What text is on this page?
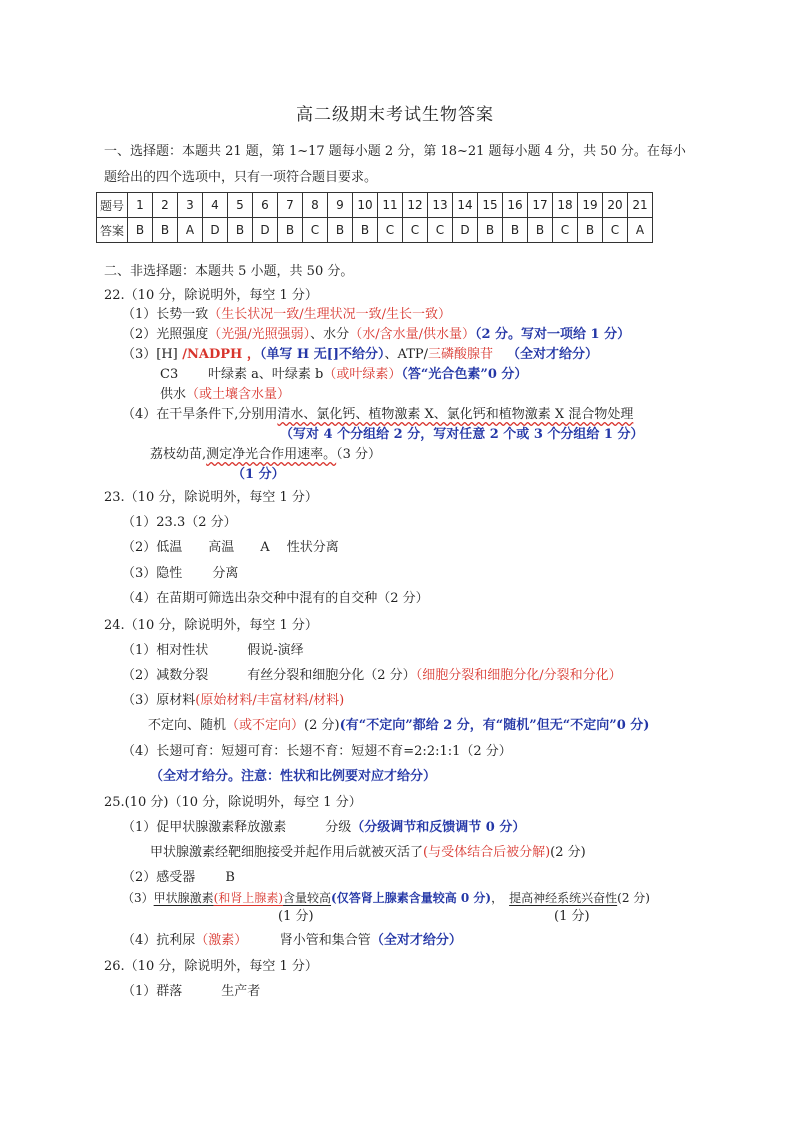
高二级期末考试生物答案
一、选择题：本题共 21 题，第 1~17 题每小题 2 分，第 18~21 题每小题 4 分，共 50 分。在每小
题给出的四个选项中，只有一项符合题目要求。
题号	1	2	3	4	5	6	7	8	9	10	11	12	13	14	15	16	17	18	19	20	21
答案	B	B	A	D	B	D	B	C	B	B	C	C	C	D	B	B	B	C	B	C	A
二、非选择题：本题共 5 小题，共 50 分。
22.（10 分，除说明外，每空 1 分）
（1）长势一致（生长状况一致/生理状况一致/生长一致）
（2）光照强度（光强/光照强弱）、水分（水/含水量/供水量）（2 分。写对一项给 1 分）
（3）[H] /NADPH ，（单写 H 无[]不给分）、ATP/三磷酸腺苷 （全对才给分）
C3 叶绿素 a、叶绿素 b（或叶绿素）（答“光合色素”0 分）
供水（或土壤含水量）
（4）在干旱条件下,分别用清水、氯化钙、植物激素 X、氯化钙和植物激素 X 混合物处理
（写对 4 个分组给 2 分，写对任意 2 个或 3 个分组给 1 分）
荔枝幼苗,测定净光合作用速率。（3 分）
（1 分）
23.（10 分，除说明外，每空 1 分）
（1）23.3（2 分）
（2）低温　　高温　　A　 性状分离
（3）隐性　　 分离
（4）在苗期可筛选出杂交种中混有的自交种（2 分）
24.（10 分，除说明外，每空 1 分）
（1）相对性状　　　假说-演绎
（2）减数分裂　　　有丝分裂和细胞分化（2 分）（细胞分裂和细胞分化/分裂和分化）
（3）原材料(原始材料/丰富材料/材料)
不定向、随机（或不定向）(2 分)(有“不定向”都给 2 分，有“随机”但无“不定向”0 分)
（4）长翅可育：短翅可育：长翅不育：短翅不育=2:2:1:1（2 分）
（全对才给分。注意：性状和比例要对应才给分）
25.(10 分)（10 分，除说明外，每空 1 分）
（1）促甲状腺激素释放激素　　　分级（分级调节和反馈调节 0 分）
甲状腺激素经靶细胞接受并起作用后就被灭活了(与受体结合后被分解)(2 分)
（2）感受器　　 B
（3）甲状腺激素(和肾上腺素)含量较高(仅答肾上腺素含量较高 0 分)， 提高神经系统兴奋性(2 分)
(1 分)	(1 分)
（4）抗利尿（激素）　　　肾小管和集合管（全对才给分）
26.（10 分，除说明外，每空 1 分）
（1）群落　　　生产者
